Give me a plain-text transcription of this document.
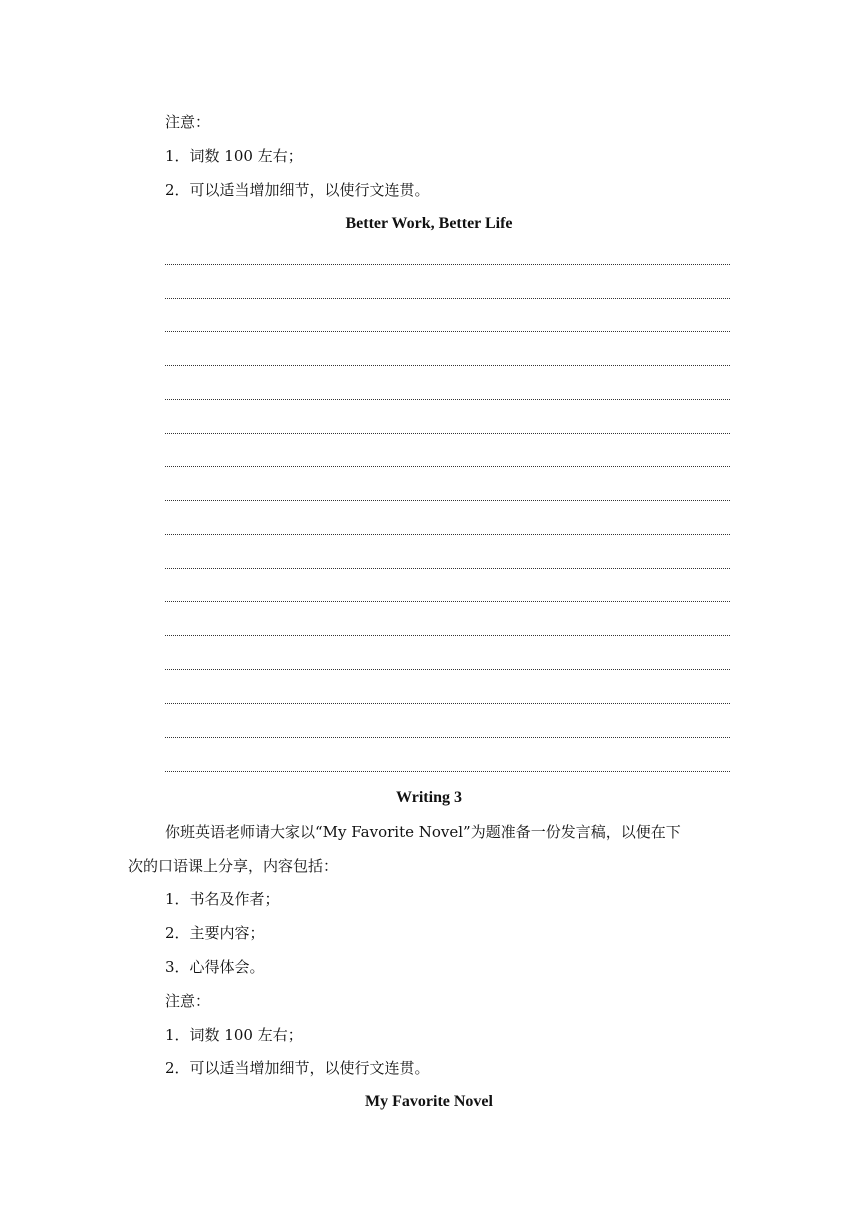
注意：
1．词数 100 左右；
2．可以适当增加细节，以使行文连贯。
Better Work, Better Life
Writing 3
你班英语老师请大家以“My Favorite Novel”为题准备一份发言稿，以便在下
次的口语课上分享，内容包括：
1．书名及作者；
2．主要内容；
3．心得体会。
注意：
1．词数 100 左右；
2．可以适当增加细节，以使行文连贯。
My Favorite Novel
